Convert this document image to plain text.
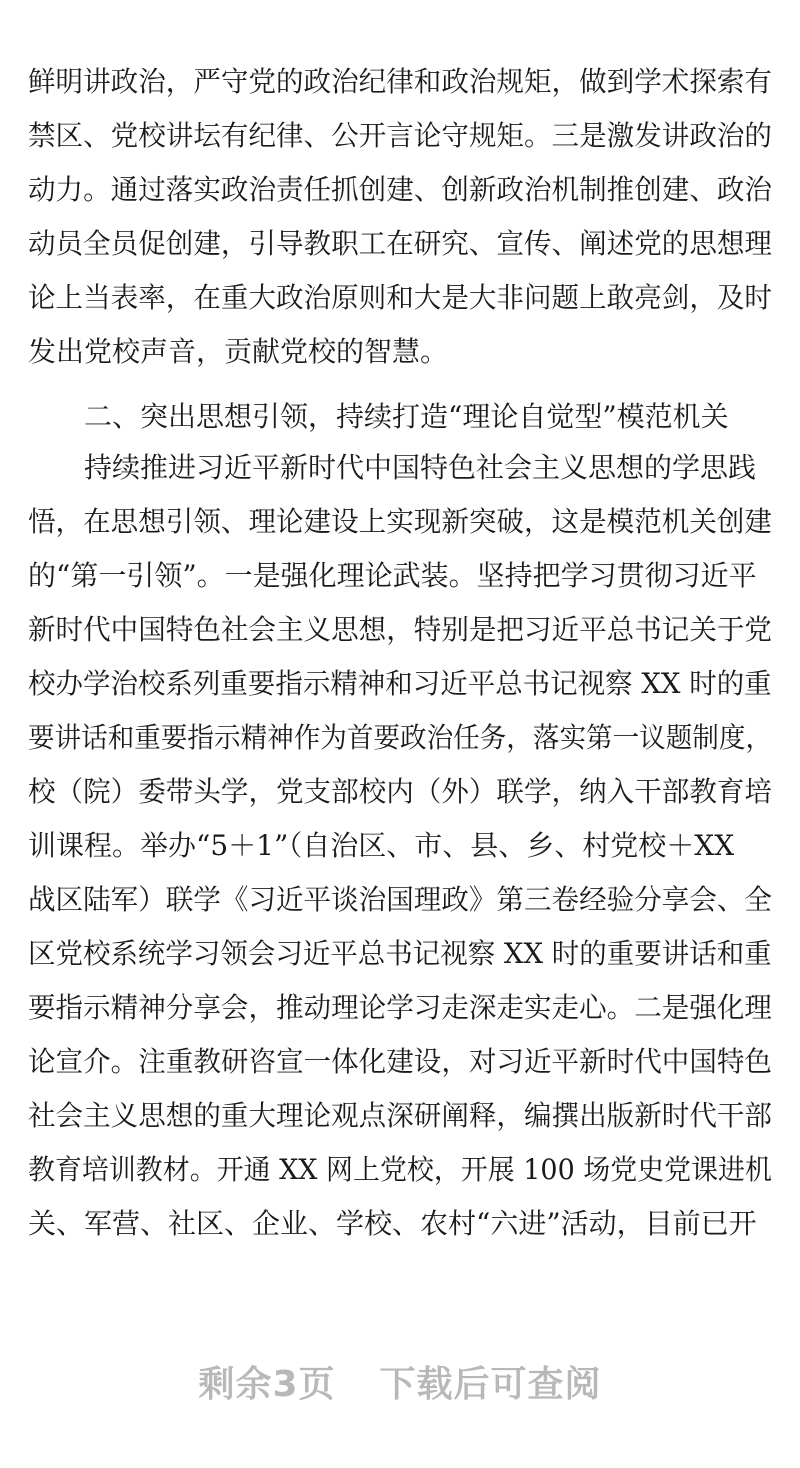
鲜明讲政治，严守党的政治纪律和政治规矩，做到学术探索有
禁区、党校讲坛有纪律、公开言论守规矩。三是激发讲政治的
动力。通过落实政治责任抓创建、创新政治机制推创建、政治
动员全员促创建，引导教职工在研究、宣传、阐述党的思想理
论上当表率，在重大政治原则和大是大非问题上敢亮剑，及时
发出党校声音，贡献党校的智慧。
二、突出思想引领，持续打造“理论自觉型”模范机关
持续推进习近平新时代中国特色社会主义思想的学思践
悟，在思想引领、理论建设上实现新突破，这是模范机关创建
的“第一引领”。一是强化理论武装。坚持把学习贯彻习近平
新时代中国特色社会主义思想，特别是把习近平总书记关于党
校办学治校系列重要指示精神和习近平总书记视察 XX 时的重
要讲话和重要指示精神作为首要政治任务，落实第一议题制度，
校（院）委带头学，党支部校内（外）联学，纳入干部教育培
训课程。举办“5＋1”（自治区、市、县、乡、村党校＋XX
战区陆军）联学《习近平谈治国理政》第三卷经验分享会、全
区党校系统学习领会习近平总书记视察 XX 时的重要讲话和重
要指示精神分享会，推动理论学习走深走实走心。二是强化理
论宣介。注重教研咨宣一体化建设，对习近平新时代中国特色
社会主义思想的重大理论观点深研阐释，编撰出版新时代干部
教育培训教材。开通 XX 网上党校，开展 100 场党史党课进机
关、军营、社区、企业、学校、农村“六进”活动，目前已开
剩余3页 下载后可查阅
